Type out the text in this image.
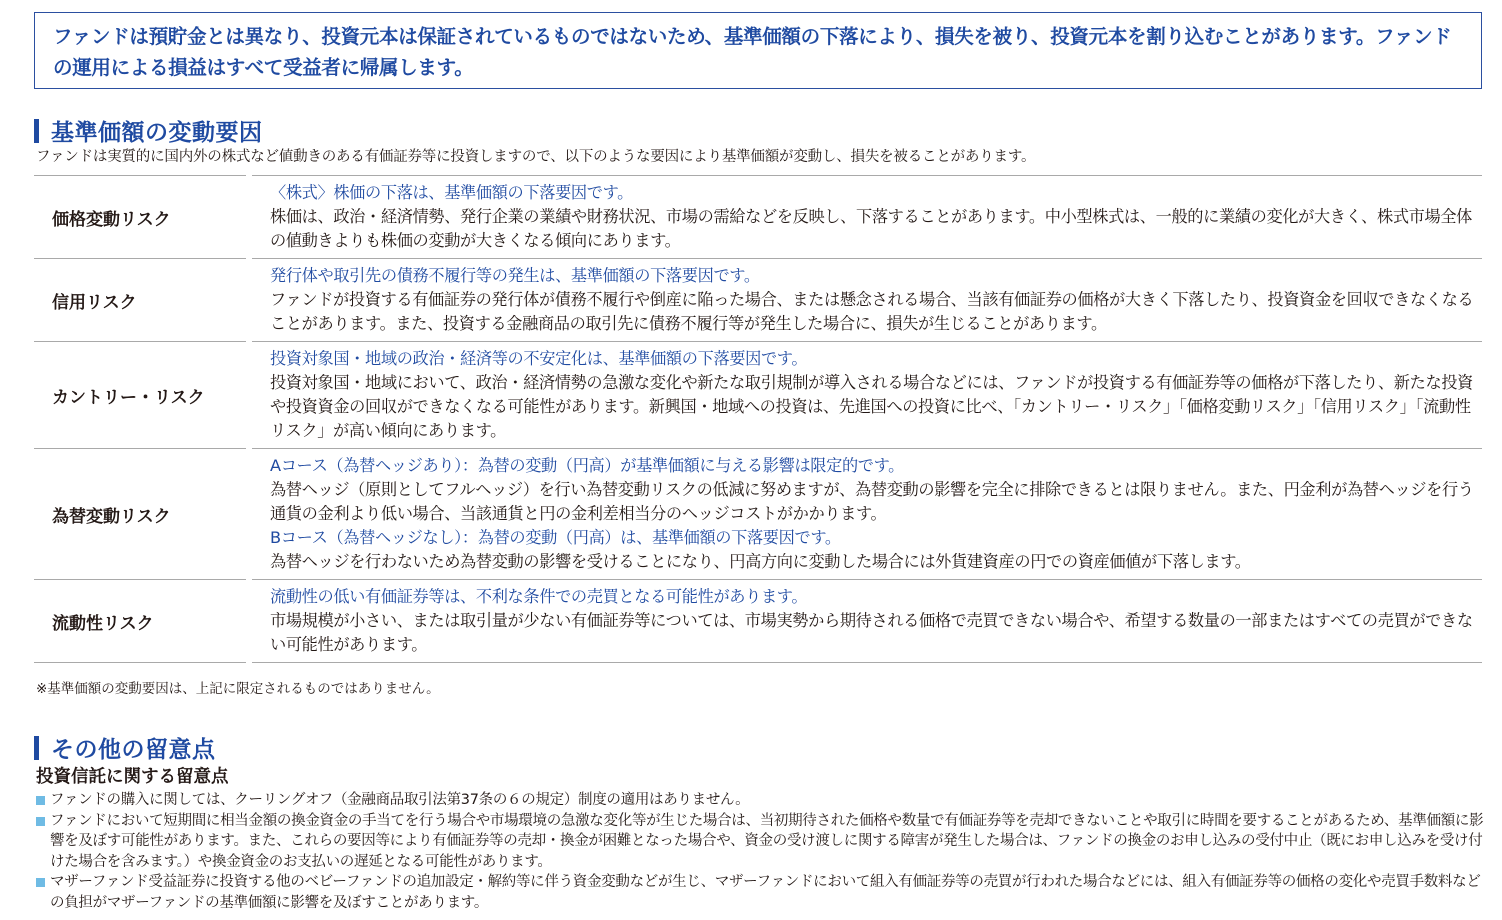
ファンドは預貯金とは異なり、投資元本は保証されているものではないため、基準価額の下落により、損失を被り、投資元本を割り込むことがあります。ファンドの運用による損益はすべて受益者に帰属します。
基準価額の変動要因
ファンドは実質的に国内外の株式など値動きのある有価証券等に投資しますので、以下のような要因により基準価額が変動し、損失を被ることがあります。
価格変動リスク		〈株式〉株価の下落は、基準価額の下落要因です。
株価は、政治・経済情勢、発行企業の業績や財務状況、市場の需給などを反映し、下落することがあります。中小型株式は、一般的に業績の変化が大きく、株式市場全体の値動きよりも株価の変動が大きくなる傾向にあります。

信用リスク		発行体や取引先の債務不履行等の発生は、基準価額の下落要因です。
ファンドが投資する有価証券の発行体が債務不履行や倒産に陥った場合、または懸念される場合、当該有価証券の価格が大きく下落したり、投資資金を回収できなくなることがあります。また、投資する金融商品の取引先に債務不履行等が発生した場合に、損失が生じることがあります。

カントリー・リスク		投資対象国・地域の政治・経済等の不安定化は、基準価額の下落要因です。
投資対象国・地域において、政治・経済情勢の急激な変化や新たな取引規制が導入される場合などには、ファンドが投資する有価証券等の価格が下落したり、新たな投資や投資資金の回収ができなくなる可能性があります。新興国・地域への投資は、先進国への投資に比べ、「カントリー・リスク」「価格変動リスク」「信用リスク」「流動性リスク」が高い傾向にあります。

為替変動リスク		Aコース（為替ヘッジあり）：為替の変動（円高）が基準価額に与える影響は限定的です。
為替ヘッジ（原則としてフルヘッジ）を行い為替変動リスクの低減に努めますが、為替変動の影響を完全に排除できるとは限りません。また、円金利が為替ヘッジを行う通貨の金利より低い場合、当該通貨と円の金利差相当分のヘッジコストがかかります。
Bコース（為替ヘッジなし）：為替の変動（円高）は、基準価額の下落要因です。
為替ヘッジを行わないため為替変動の影響を受けることになり、円高方向に変動した場合には外貨建資産の円での資産価値が下落します。

流動性リスク		流動性の低い有価証券等は、不利な条件での売買となる可能性があります。
市場規模が小さい、または取引量が少ない有価証券等については、市場実勢から期待される価格で売買できない場合や、希望する数量の一部またはすべての売買ができない可能性があります。
※基準価額の変動要因は、上記に限定されるものではありません。
その他の留意点
投資信託に関する留意点
ファンドの購入に関しては、クーリングオフ（金融商品取引法第37条の６の規定）制度の適用はありません。
ファンドにおいて短期間に相当金額の換金資金の手当てを行う場合や市場環境の急激な変化等が生じた場合は、当初期待された価格や数量で有価証券等を売却できないことや取引に時間を要することがあるため、基準価額に影響を及ぼす可能性があります。また、これらの要因等により有価証券等の売却・換金が困難となった場合や、資金の受け渡しに関する障害が発生した場合は、ファンドの換金のお申し込みの受付中止（既にお申し込みを受け付けた場合を含みます。）や換金資金のお支払いの遅延となる可能性があります。
マザーファンド受益証券に投資する他のベビーファンドの追加設定・解約等に伴う資金変動などが生じ、マザーファンドにおいて組入有価証券等の売買が行われた場合などには、組入有価証券等の価格の変化や売買手数料などの負担がマザーファンドの基準価額に影響を及ぼすことがあります。
